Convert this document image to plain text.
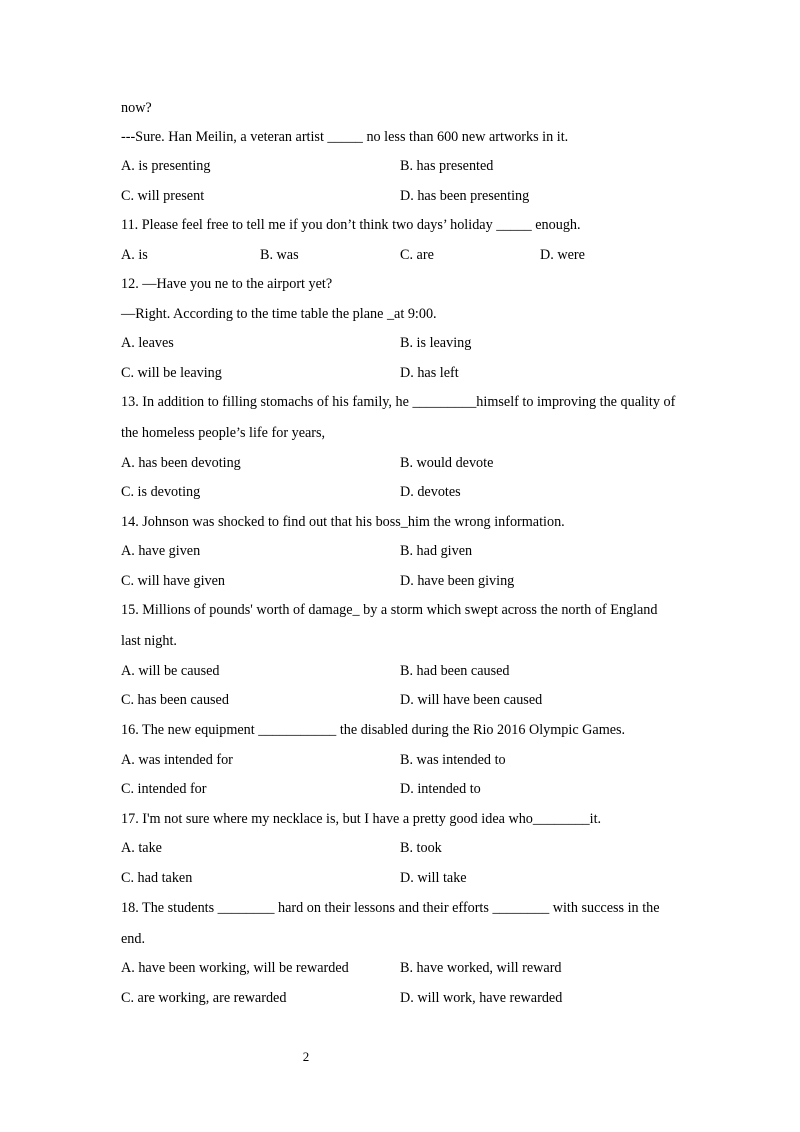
now?
---Sure. Han Meilin, a veteran artist _____ no less than 600 new artworks in it.
A. is presenting	B. has presented
C. will present	D. has been presenting
11. Please feel free to tell me if you don’t think two days’ holiday _____ enough.
A. is	B. was	C. are	D. were
12. —Have you ne to the airport yet?
—Right. According to the time table the plane _at 9:00.
A. leaves	B. is leaving
C. will be leaving	D. has left
13. In addition to filling stomachs of his family, he _________himself to improving the quality of
the homeless people’s life for years,
A. has been devoting	B. would devote
C. is devoting	D. devotes
14. Johnson was shocked to find out that his boss_him the wrong information.
A. have given	B. had given
C. will have given	D. have been giving
15. Millions of pounds' worth of damage_ by a storm which swept across the north of England
last night.
A. will be caused	B. had been caused
C. has been caused	D. will have been caused
16. The new equipment ___________ the disabled during the Rio 2016 Olympic Games.
A. was intended for	B. was intended to
C. intended for	D. intended to
17. I'm not sure where my necklace is, but I have a pretty good idea who________it.
A. take	B. took
C. had taken	D. will take
18. The students ________ hard on their lessons and their efforts ________ with success in the
end.
A. have been working, will be rewarded	B. have worked, will reward
C. are working, are rewarded	D. will work, have rewarded
2
